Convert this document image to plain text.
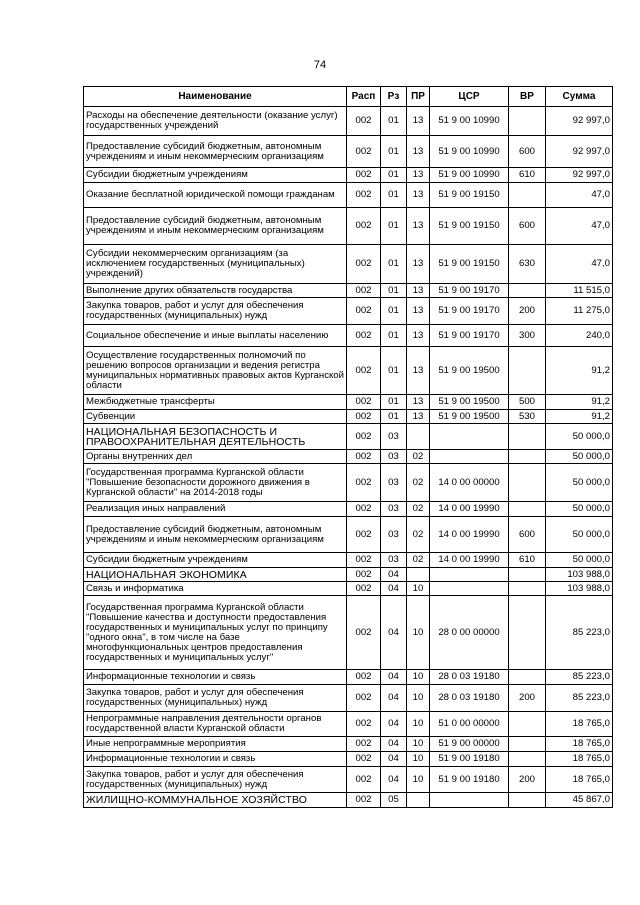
74
Наименование	Расп	Рз	ПР	ЦСР	ВР	Сумма
Расходы на обеспечение деятельности (оказание услуг) государственных учреждений	002	01	13	51 9 00 10990		92 997,0
Предоставление субсидий бюджетным, автономным учреждениям и иным некоммерческим организациям	002	01	13	51 9 00 10990	600	92 997,0
Субсидии бюджетным учреждениям	002	01	13	51 9 00 10990	610	92 997,0
Оказание бесплатной юридической помощи гражданам	002	01	13	51 9 00 19150		47,0
Предоставление субсидий бюджетным, автономным учреждениям и иным некоммерческим организациям	002	01	13	51 9 00 19150	600	47,0
Субсидии некоммерческим организациям (за исключением государственных (муниципальных) учреждений)	002	01	13	51 9 00 19150	630	47,0
Выполнение других обязательств государства	002	01	13	51 9 00 19170		11 515,0
Закупка товаров, работ и услуг для обеспечения государственных (муниципальных) нужд	002	01	13	51 9 00 19170	200	11 275,0
Социальное обеспечение и иные выплаты населению	002	01	13	51 9 00 19170	300	240,0
Осуществление государственных полномочий по решению вопросов организации и ведения регистра муниципальных нормативных правовых актов Курганской области	002	01	13	51 9 00 19500		91,2
Межбюджетные трансферты	002	01	13	51 9 00 19500	500	91,2
Субвенции	002	01	13	51 9 00 19500	530	91,2
НАЦИОНАЛЬНАЯ БЕЗОПАСНОСТЬ И ПРАВООХРАНИТЕЛЬНАЯ ДЕЯТЕЛЬНОСТЬ	002	03				50 000,0
Органы внутренних дел	002	03	02			50 000,0
Государственная программа Курганской области "Повышение безопасности дорожного движения в Курганской области" на 2014-2018 годы	002	03	02	14 0 00 00000		50 000,0
Реализация иных направлений	002	03	02	14 0 00 19990		50 000,0
Предоставление субсидий бюджетным, автономным учреждениям и иным некоммерческим организациям	002	03	02	14 0 00 19990	600	50 000,0
Субсидии бюджетным учреждениям	002	03	02	14 0 00 19990	610	50 000,0
НАЦИОНАЛЬНАЯ ЭКОНОМИКА	002	04				103 988,0
Связь и информатика	002	04	10			103 988,0
Государственная программа Курганской области "Повышение качества и доступности предоставления государственных и муниципальных услуг по принципу "одного окна", в том числе на базе многофункциональных центров предоставления государственных и муниципальных услуг"	002	04	10	28 0 00 00000		85 223,0
Информационные технологии и связь	002	04	10	28 0 03 19180		85 223,0
Закупка товаров, работ и услуг для обеспечения государственных (муниципальных) нужд	002	04	10	28 0 03 19180	200	85 223,0
Непрограммные направления деятельности органов государственной власти Курганской области	002	04	10	51 0 00 00000		18 765,0
Иные непрограммные мероприятия	002	04	10	51 9 00 00000		18 765,0
Информационные технологии и связь	002	04	10	51 9 00 19180		18 765,0
Закупка товаров, работ и услуг для обеспечения государственных (муниципальных) нужд	002	04	10	51 9 00 19180	200	18 765,0
ЖИЛИЩНО-КОММУНАЛЬНОЕ ХОЗЯЙСТВО	002	05				45 867,0
